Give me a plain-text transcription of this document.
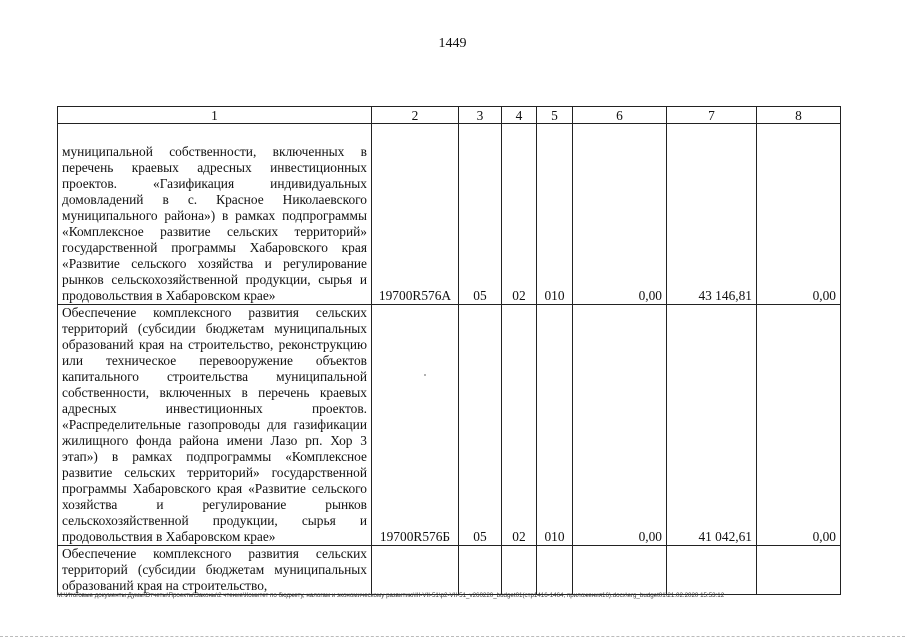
1449
1	2	3	4	5	6	7	8
муниципальной собственности, включенных в перечень краевых адресных инвестиционных проектов. «Газификация индивидуальных домовладений в с. Красное Николаевского муниципального района») в рамках подпрограммы «Комплексное развитие сельских территорий» государственной программы Хабаровского края «Развитие сельского хозяйства и регулирование рынков сельскохозяйственной продукции, сырья и продовольствия в Хабаровском крае»	19700R576А	05	02	010	0,00	43 146,81	0,00
Обеспечение комплексного развития сельских территорий (субсидии бюджетам муниципальных образований края на строительство, реконструкцию или техническое перевооружение объектов капитального строительства муниципальной собственности, включенных в перечень краевых адресных инвестиционных проектов. «Распределительные газопроводы для газификации жилищного фонда района имени Лазо рп. Хор 3 этап») в рамках подпрограммы «Комплексное развитие сельских территорий» государственной программы Хабаровского края «Развитие сельского хозяйства и регулирование рынков сельскохозяйственной продукции, сырья и продовольствия в Хабаровском крае»	19700R576Б	05	02	010	0,00	41 042,61	0,00
Обеспечение комплексного развития сельских территорий (субсидии бюджетам муниципальных образований края на строительство,							
M:\Итоговые документы Думы\Отчеты\Проекты\Законы\2 чтение\Комитет по бюджету, налогам и экономическому развитию\III-VII-51\р2-VII-51_v260220_budget01(стр1416-1464, приложения16).docx\erg_budget01\21.02.2020 15:53:12
